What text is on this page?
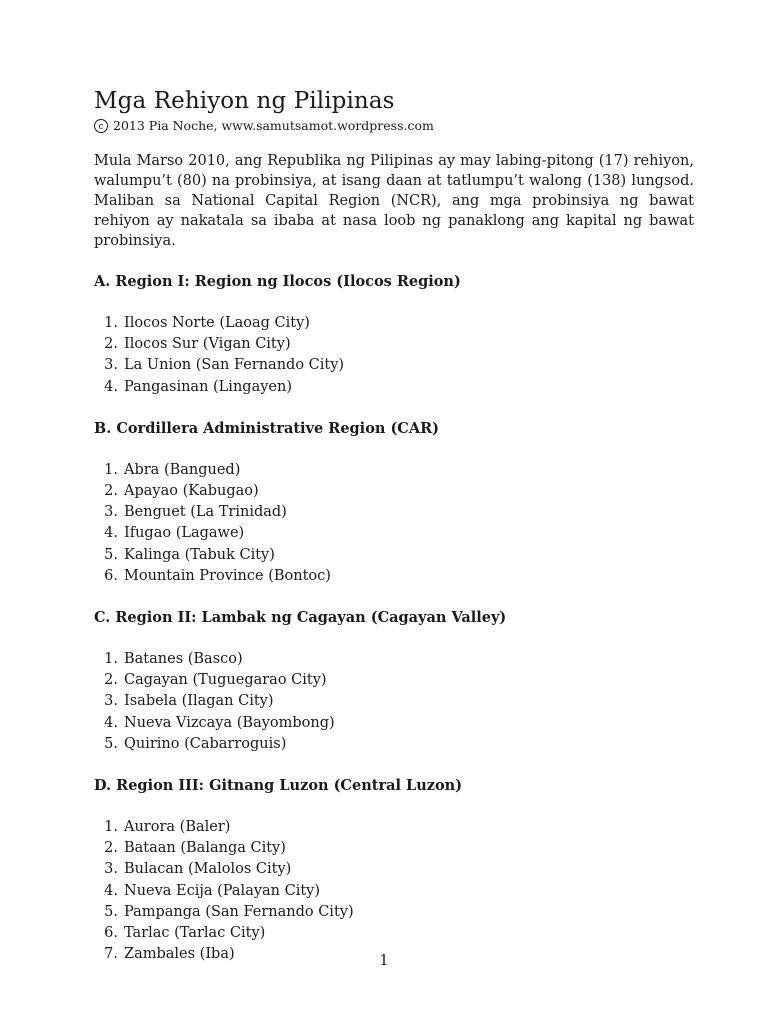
Mga Rehiyon ng Pilipinas

c 2013 Pia Noche, www.samutsamot.wordpress.com

Mula Marso 2010, ang Republika ng Pilipinas ay may labing-pitong (17) rehiyon, walumpu’t (80) na probinsiya, at isang daan at tatlumpu’t walong (138) lungsod. Maliban sa National Capital Region (NCR), ang mga probinsiya ng bawat rehiyon ay nakatala sa ibaba at nasa loob ng panaklong ang kapital ng bawat probinsiya.

A. Region I: Region ng Ilocos (Ilocos Region)
1. Ilocos Norte (Laoag City)
2. Ilocos Sur (Vigan City)
3. La Union (San Fernando City)
4. Pangasinan (Lingayen)
B. Cordillera Administrative Region (CAR)
1. Abra (Bangued)
2. Apayao (Kabugao)
3. Benguet (La Trinidad)
4. Ifugao (Lagawe)
5. Kalinga (Tabuk City)
6. Mountain Province (Bontoc)
C. Region II: Lambak ng Cagayan (Cagayan Valley)
1. Batanes (Basco)
2. Cagayan (Tuguegarao City)
3. Isabela (Ilagan City)
4. Nueva Vizcaya (Bayombong)
5. Quirino (Cabarroguis)
D. Region III: Gitnang Luzon (Central Luzon)
1. Aurora (Baler)
2. Bataan (Balanga City)
3. Bulacan (Malolos City)
4. Nueva Ecija (Palayan City)
5. Pampanga (San Fernando City)
6. Tarlac (Tarlac City)
7. Zambales (Iba)	1
